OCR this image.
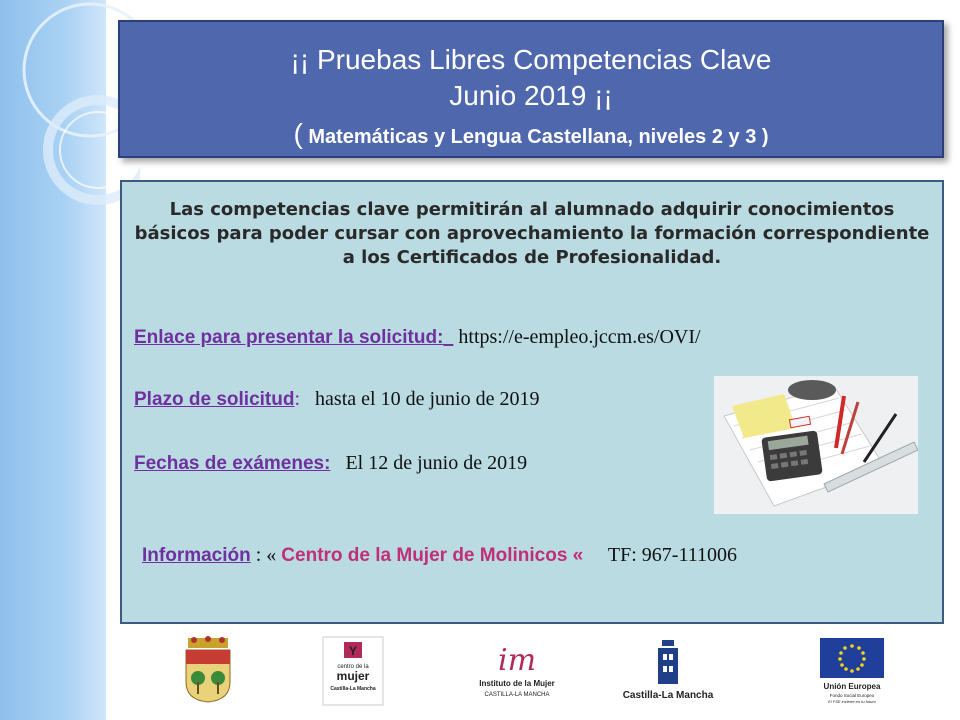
¡¡ Pruebas Libres Competencias Clave
Junio 2019 ¡¡
( Matemáticas y Lengua Castellana, niveles 2 y 3 )
Las competencias clave permitirán al alumnado adquirir conocimientos básicos para poder cursar con aprovechamiento la formación correspondiente a los Certificados de Profesionalidad.
Enlace para presentar la solicitud: https://e-empleo.jccm.es/OVI/
Plazo de solicitud: hasta el 10 de junio de 2019
Fechas de exámenes: El 12 de junio de 2019
Información : « Centro de la Mujer de Molinicos « TF: 967-111006
Y
centro de la
mujer
Castilla-La Mancha
im
Instituto de la Mujer
CASTILLA-LA MANCHA	Castilla-La Mancha
Unión Europea
Fondo Social Europeo
El FSE invierte en tu futuro
